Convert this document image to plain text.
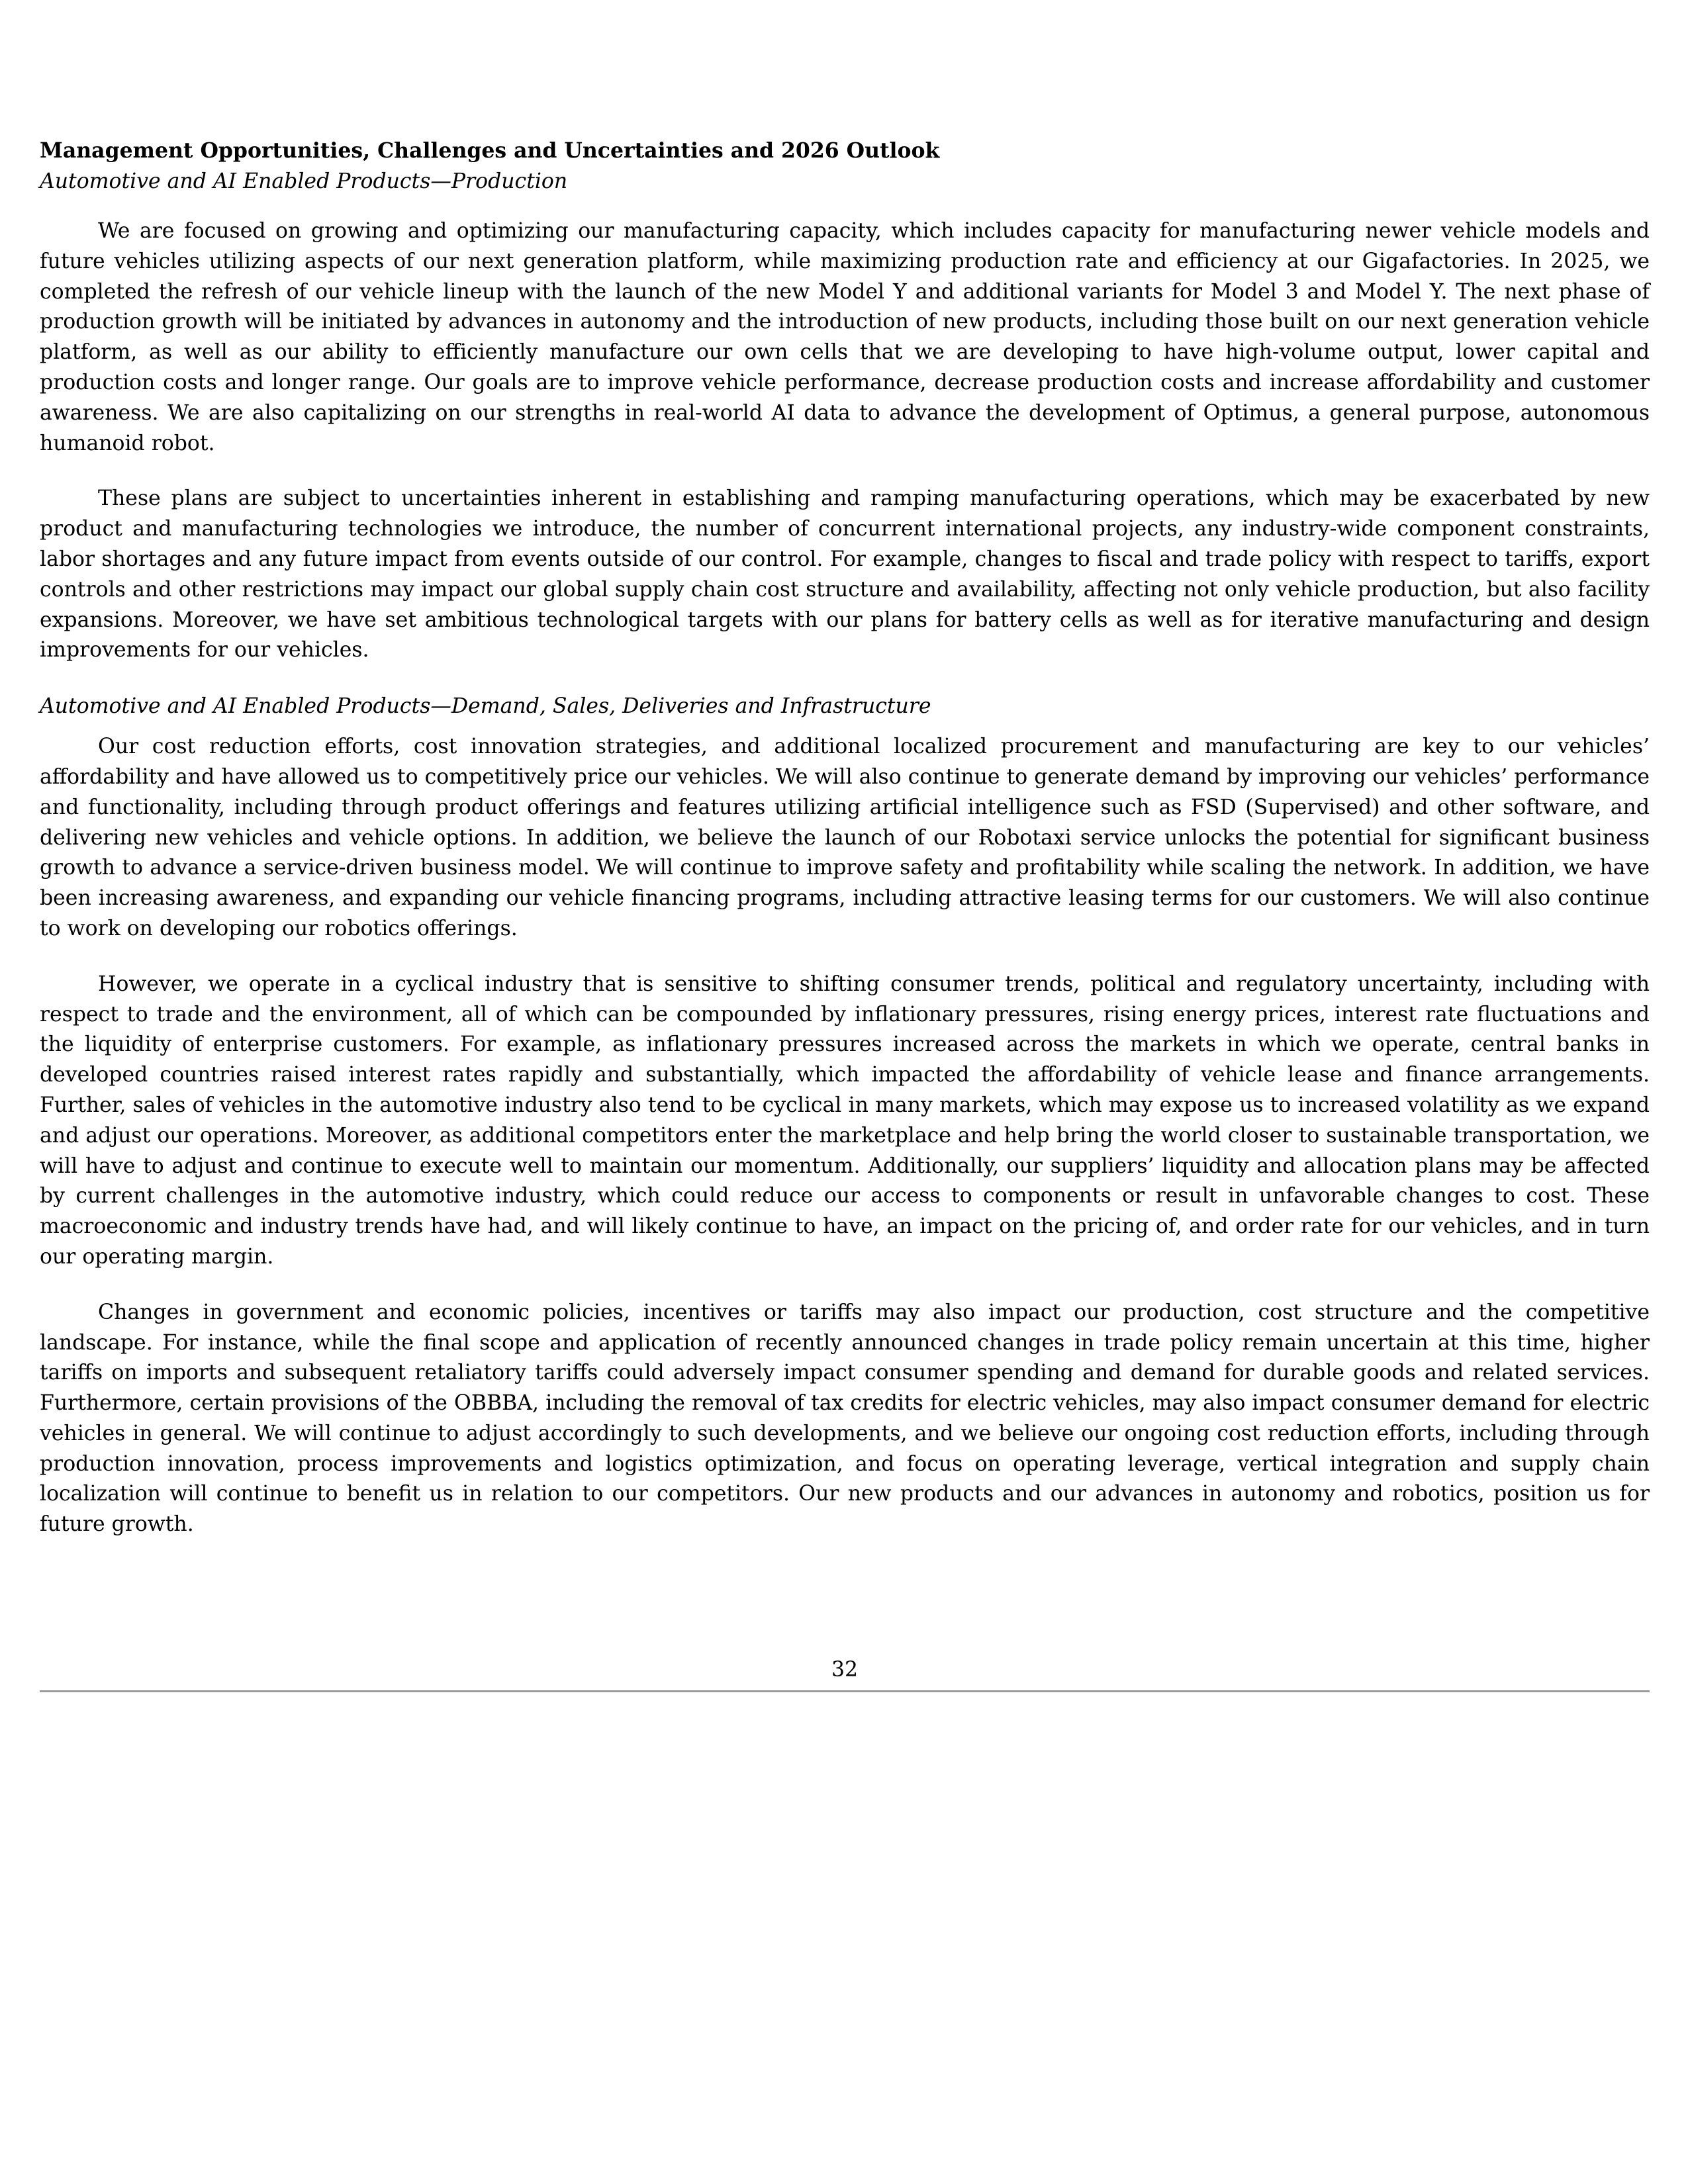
Management Opportunities, Challenges and Uncertainties and 2026 Outlook

Automotive and AI Enabled Products—Production

We are focused on growing and optimizing our manufacturing capacity, which includes capacity for manufacturing newer vehicle models and future vehicles utilizing aspects of our next generation platform, while maximizing production rate and efficiency at our Gigafactories. In 2025, we completed the refresh of our vehicle lineup with the launch of the new Model Y and additional variants for Model 3 and Model Y. The next phase of production growth will be initiated by advances in autonomy and the introduction of new products, including those built on our next generation vehicle platform, as well as our ability to efficiently manufacture our own cells that we are developing to have high-volume output, lower capital and production costs and longer range. Our goals are to improve vehicle performance, decrease production costs and increase affordability and customer awareness. We are also capitalizing on our strengths in real-world AI data to advance the development of Optimus, a general purpose, autonomous humanoid robot.

These plans are subject to uncertainties inherent in establishing and ramping manufacturing operations, which may be exacerbated by new product and manufacturing technologies we introduce, the number of concurrent international projects, any industry-wide component constraints, labor shortages and any future impact from events outside of our control. For example, changes to fiscal and trade policy with respect to tariffs, export controls and other restrictions may impact our global supply chain cost structure and availability, affecting not only vehicle production, but also facility expansions. Moreover, we have set ambitious technological targets with our plans for battery cells as well as for iterative manufacturing and design improvements for our vehicles.

Automotive and AI Enabled Products—Demand, Sales, Deliveries and Infrastructure

Our cost reduction efforts, cost innovation strategies, and additional localized procurement and manufacturing are key to our vehicles’ affordability and have allowed us to competitively price our vehicles. We will also continue to generate demand by improving our vehicles’ performance and functionality, including through product offerings and features utilizing artificial intelligence such as FSD (Supervised) and other software, and delivering new vehicles and vehicle options. In addition, we believe the launch of our Robotaxi service unlocks the potential for significant business growth to advance a service-driven business model. We will continue to improve safety and profitability while scaling the network. In addition, we have been increasing awareness, and expanding our vehicle financing programs, including attractive leasing terms for our customers. We will also continue to work on developing our robotics offerings.

However, we operate in a cyclical industry that is sensitive to shifting consumer trends, political and regulatory uncertainty, including with respect to trade and the environment, all of which can be compounded by inflationary pressures, rising energy prices, interest rate fluctuations and the liquidity of enterprise customers. For example, as inflationary pressures increased across the markets in which we operate, central banks in developed countries raised interest rates rapidly and substantially, which impacted the affordability of vehicle lease and finance arrangements. Further, sales of vehicles in the automotive industry also tend to be cyclical in many markets, which may expose us to increased volatility as we expand and adjust our operations. Moreover, as additional competitors enter the marketplace and help bring the world closer to sustainable transportation, we will have to adjust and continue to execute well to maintain our momentum. Additionally, our suppliers’ liquidity and allocation plans may be affected by current challenges in the automotive industry, which could reduce our access to components or result in unfavorable changes to cost. These macroeconomic and industry trends have had, and will likely continue to have, an impact on the pricing of, and order rate for our vehicles, and in turn our operating margin.

Changes in government and economic policies, incentives or tariffs may also impact our production, cost structure and the competitive landscape. For instance, while the final scope and application of recently announced changes in trade policy remain uncertain at this time, higher tariffs on imports and subsequent retaliatory tariffs could adversely impact consumer spending and demand for durable goods and related services. Furthermore, certain provisions of the OBBBA, including the removal of tax credits for electric vehicles, may also impact consumer demand for electric vehicles in general. We will continue to adjust accordingly to such developments, and we believe our ongoing cost reduction efforts, including through production innovation, process improvements and logistics optimization, and focus on operating leverage, vertical integration and supply chain localization will continue to benefit us in relation to our competitors. Our new products and our advances in autonomy and robotics, position us for future growth.

32
